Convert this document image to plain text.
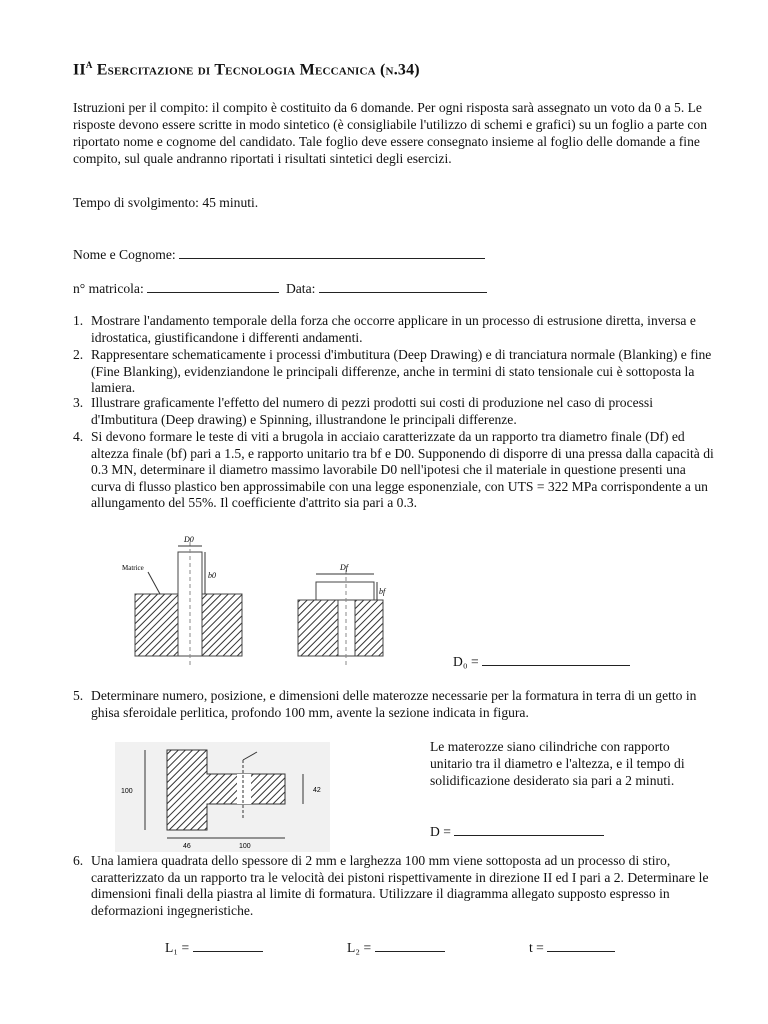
$II^A$ Esercitazione di Tecnologia Meccanica (n.34)
Istruzioni per il compito: il compito è costituito da 6 domande. Per ogni risposta sarà assegnato un voto da 0 a 5. Le risposte devono essere scritte in modo sintetico (è consigliabile l'utilizzo di schemi e grafici) su un foglio a parte con riportato nome e cognome del candidato. Tale foglio deve essere consegnato insieme al foglio delle domande a fine compito, sul quale andranno riportati i risultati sintetici degli esercizi.
Tempo di svolgimento: 45 minuti.
Nome e Cognome:
n° matricola:	Data:
1. Mostrare l'andamento temporale della forza che occorre applicare in un processo di estrusione diretta, inversa e idrostatica, giustificandone i differenti andamenti.
2. Rappresentare schematicamente i processi d'imbutitura (Deep Drawing) e di tranciatura normale (Blanking) e fine (Fine Blanking), evidenziandone le principali differenze, anche in termini di stato tensionale cui è sottoposta la lamiera.
3. Illustrare graficamente l'effetto del numero di pezzi prodotti sui costi di produzione nel caso di processi d'Imbutitura (Deep drawing) e Spinning, illustrandone le principali differenze.
4. Si devono formare le teste di viti a brugola in acciaio caratterizzate da un rapporto tra diametro finale (Df) ed altezza finale (bf) pari a 1.5, e rapporto unitario tra bf e D0. Supponendo di disporre di una pressa dalla capacità di 0.3 MN, determinare il diametro massimo lavorabile D0 nell'ipotesi che il materiale in questione presenti una curva di flusso plastico ben approssimabile con una legge esponenziale, con UTS = 322 MPa corrispondente a un allungamento del 55%. Il coefficiente d'attrito sia pari a 0.3.
D0
b0
Matrice	Df
bf
D₀ =
5. Determinare numero, posizione, e dimensioni delle materozze necessarie per la formatura in terra di un getto in ghisa sferoidale perlitica, profondo 100 mm, avente la sezione indicata in figura.
100	42
46	100
Le materozze siano cilindriche con rapporto unitario tra il diametro e l'altezza, e il tempo di solidificazione desiderato sia pari a 2 minuti.
D =
6. Una lamiera quadrata dello spessore di 2 mm e larghezza 100 mm viene sottoposta ad un processo di stiro, caratterizzato da un rapporto tra le velocità dei pistoni rispettivamente in direzione II ed I pari a 2. Determinare le dimensioni finali della piastra al limite di formatura. Utilizzare il diagramma allegato supposto espresso in deformazioni ingegneristiche.
L₁ =	L₂ =	t =
